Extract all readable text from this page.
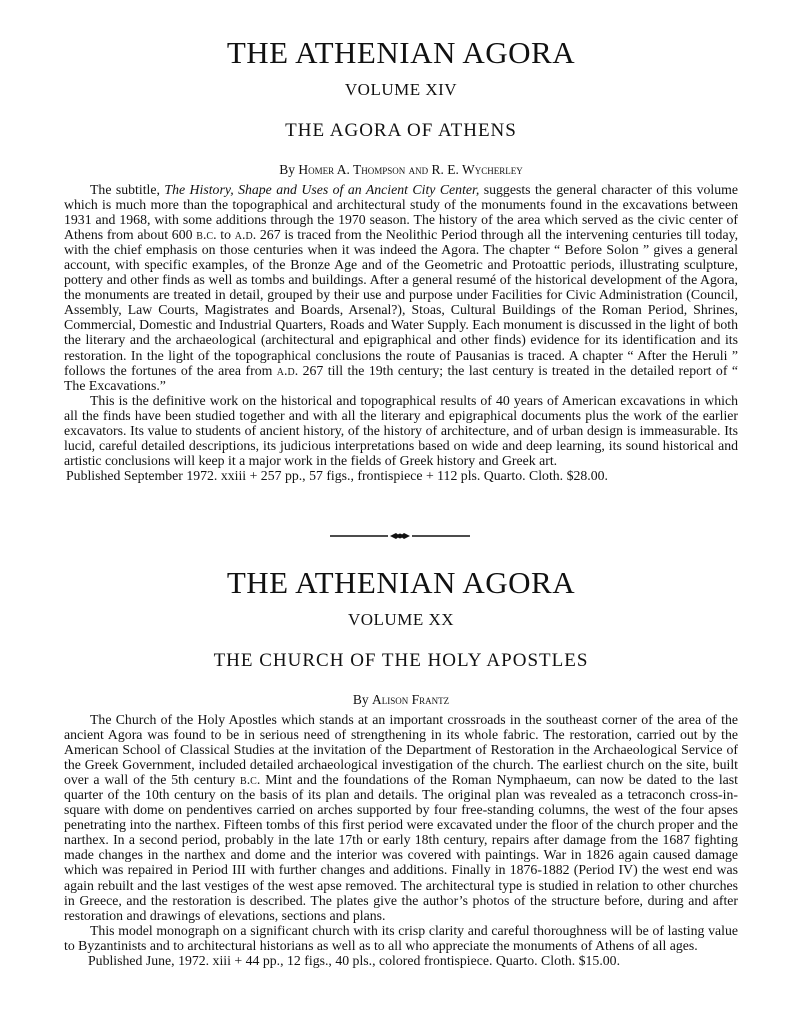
THE ATHENIAN AGORA
VOLUME XIV
THE AGORA OF ATHENS
By Homer A. Thompson and R. E. Wycherley

The subtitle, The History, Shape and Uses of an Ancient City Center, suggests the general character of this volume which is much more than the topographical and architectural study of the monuments found in the excavations between 1931 and 1968, with some additions through the 1970 season. The history of the area which served as the civic center of Athens from about 600 b.c. to a.d. 267 is traced from the Neolithic Period through all the intervening centuries till today, with the chief emphasis on those centuries when it was indeed the Agora. The chapter “ Before Solon ” gives a general account, with specific examples, of the Bronze Age and of the Geometric and Protoattic periods, illustrating sculpture, pottery and other finds as well as tombs and buildings. After a general resumé of the historical development of the Agora, the monuments are treated in detail, grouped by their use and purpose under Facilities for Civic Administration (Council, Assembly, Law Courts, Magistrates and Boards, Arsenal?), Stoas, Cultural Buildings of the Roman Period, Shrines, Commercial, Domestic and Industrial Quarters, Roads and Water Supply. Each monument is discussed in the light of both the literary and the archaeological (architectural and epigraphical and other finds) evidence for its identification and its restoration. In the light of the topographical conclusions the route of Pausanias is traced. A chapter “ After the Heruli ” follows the fortunes of the area from a.d. 267 till the 19th century; the last century is treated in the detailed report of “ The Excavations.”

This is the definitive work on the historical and topographical results of 40 years of American excavations in which all the finds have been studied together and with all the literary and epigraphical documents plus the work of the earlier excavators. Its value to students of ancient history, of the history of architecture, and of urban design is immeasurable. Its lucid, careful detailed descriptions, its judicious interpretations based on wide and deep learning, its sound historical and artistic conclusions will keep it a major work in the fields of Greek history and Greek art.

Published September 1972. xxiii + 257 pp., 57 figs., frontispiece + 112 pls. Quarto. Cloth. $28.00.

THE ATHENIAN AGORA
VOLUME XX
THE CHURCH OF THE HOLY APOSTLES
By Alison Frantz

The Church of the Holy Apostles which stands at an important crossroads in the southeast corner of the area of the ancient Agora was found to be in serious need of strengthening in its whole fabric. The restoration, carried out by the American School of Classical Studies at the invitation of the Department of Restoration in the Archaeological Service of the Greek Government, included detailed archaeological investigation of the church. The earliest church on the site, built over a wall of the 5th century b.c. Mint and the foundations of the Roman Nymphaeum, can now be dated to the last quarter of the 10th century on the basis of its plan and details. The original plan was revealed as a tetraconch cross-in-square with dome on pendentives carried on arches supported by four free-standing columns, the west of the four apses penetrating into the narthex. Fifteen tombs of this first period were excavated under the floor of the church proper and the narthex. In a second period, probably in the late 17th or early 18th century, repairs after damage from the 1687 fighting made changes in the narthex and dome and the interior was covered with paintings. War in 1826 again caused damage which was repaired in Period III with further changes and additions. Finally in 1876-1882 (Period IV) the west end was again rebuilt and the last vestiges of the west apse removed. The architectural type is studied in relation to other churches in Greece, and the restoration is described. The plates give the author’s photos of the structure before, during and after restoration and drawings of elevations, sections and plans.

This model monograph on a significant church with its crisp clarity and careful thoroughness will be of lasting value to Byzantinists and to architectural historians as well as to all who appreciate the monuments of Athens of all ages.

Published June, 1972. xiii + 44 pp., 12 figs., 40 pls., colored frontispiece. Quarto. Cloth. $15.00.
